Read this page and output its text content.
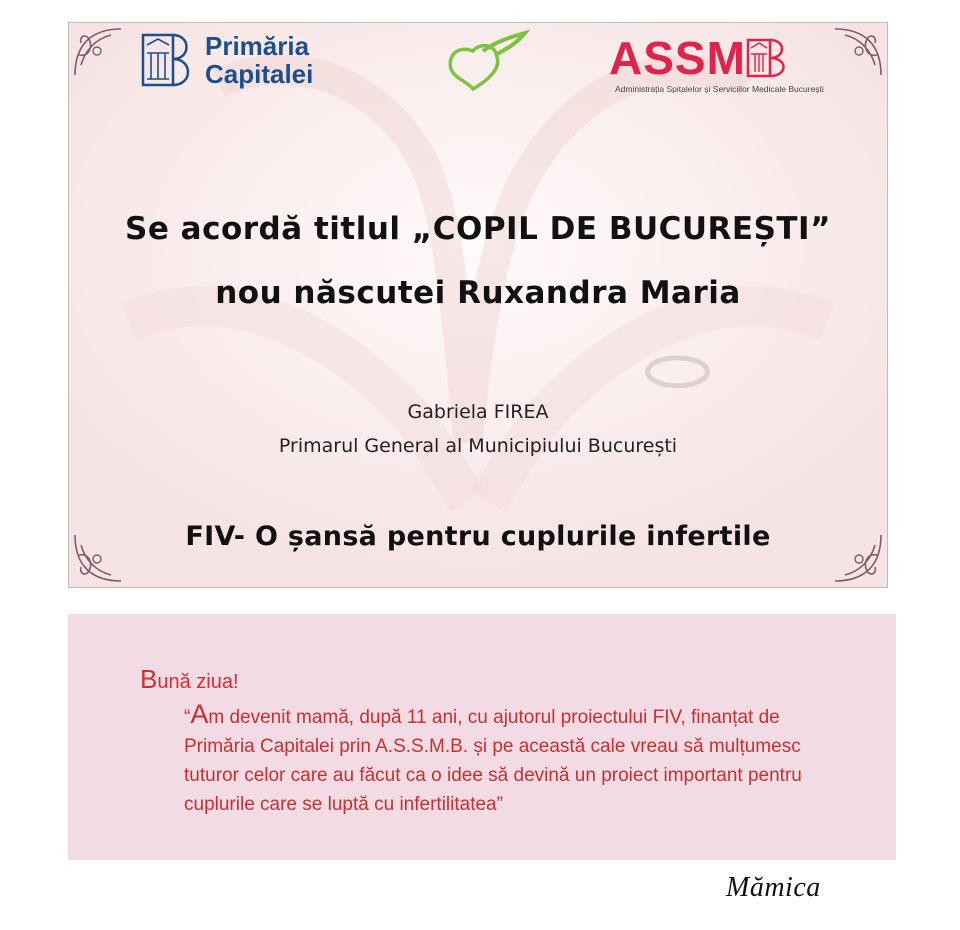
Primăria
Capitalei	ASSM
Administrația Spitalelor și Serviciilor Medicale București
Se acordă titlul „COPIL DE BUCUREȘTI”
nou născutei Ruxandra Maria
Gabriela FIREA
Primarul General al Municipiului București
FIV- O șansă pentru cuplurile infertile
Bună ziua!
“Am devenit mamă, după 11 ani, cu ajutorul proiectului FIV, finanțat de Primăria Capitalei prin A.S.S.M.B. și pe această cale vreau să mulțumesc tuturor celor care au făcut ca o idee să devină un proiect important pentru cuplurile care se luptă cu infertilitatea”
Mămica
